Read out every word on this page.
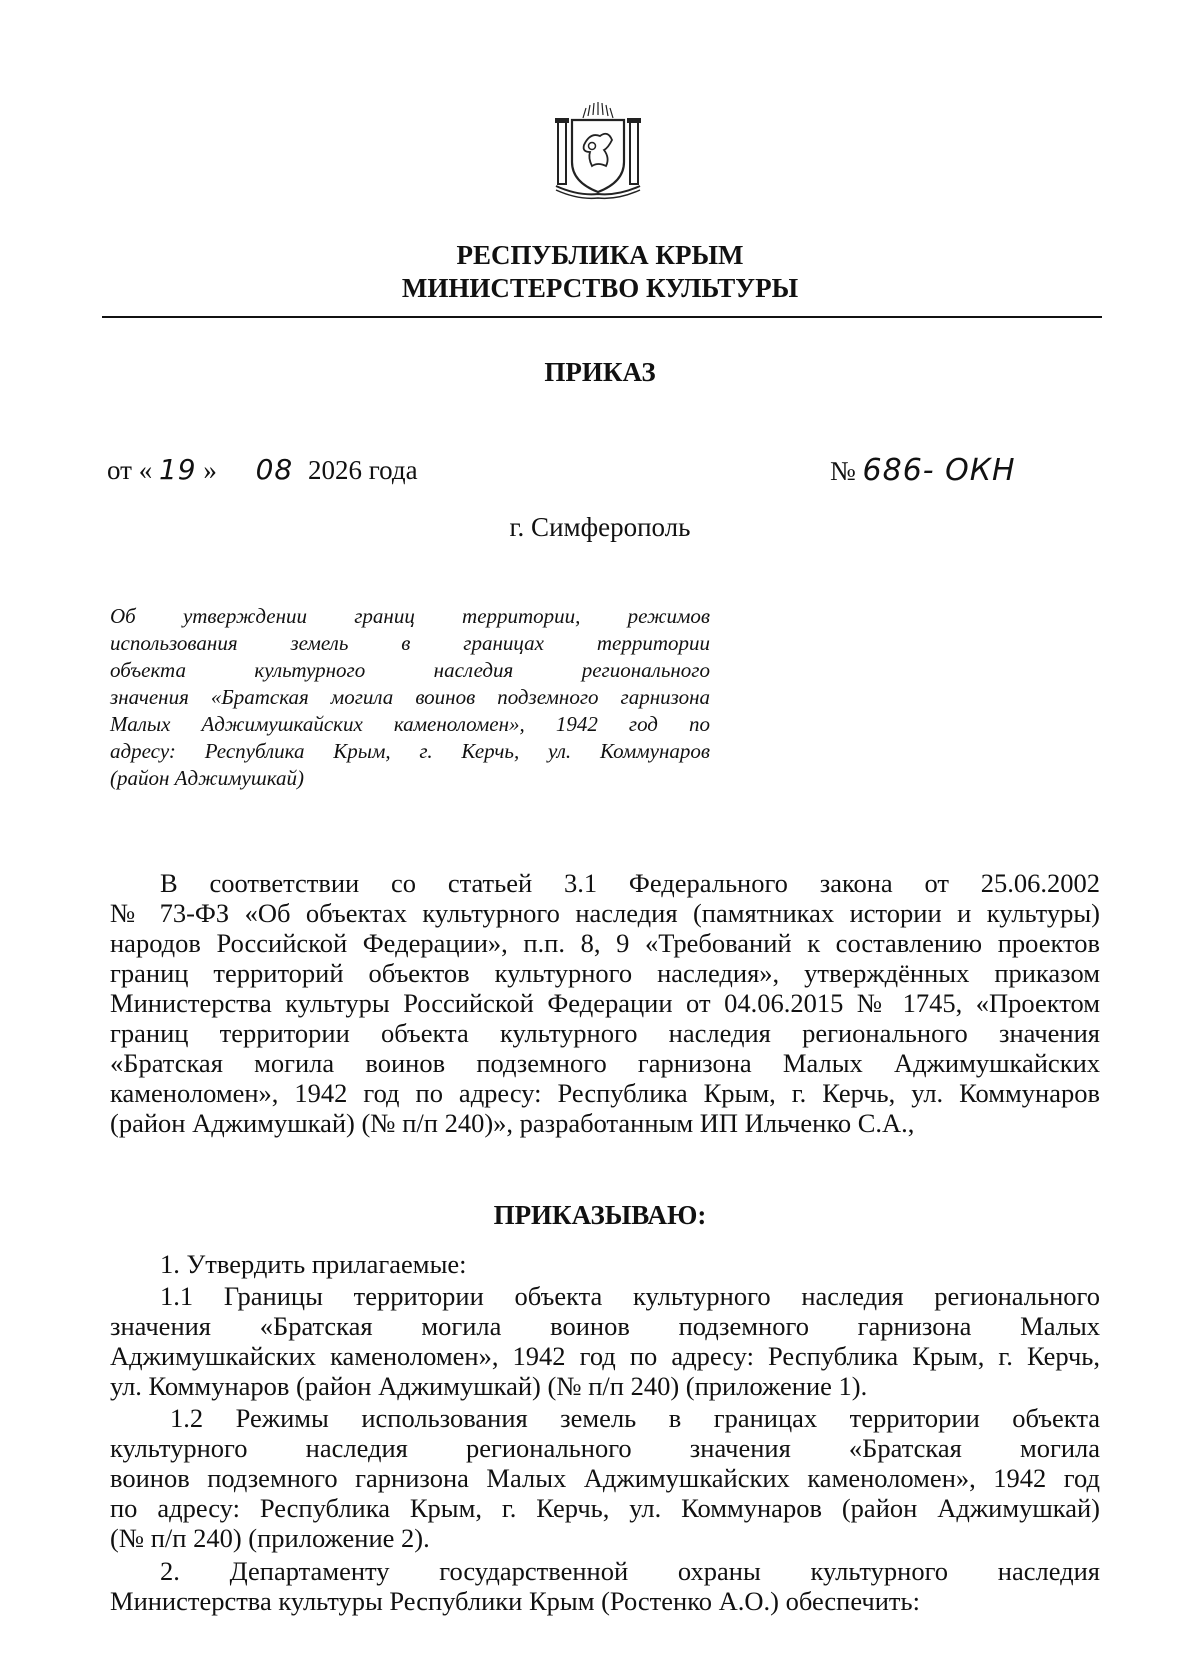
РЕСПУБЛИКА КРЫМ
МИНИСТЕРСТВО КУЛЬТУРЫ
ПРИКАЗ
от « 19 » 08 2026 года	№ 686- ОКН
г. Симферополь
Об утверждении границ территории, режимов
использования земель в границах территории
объекта культурного наследия регионального
значения «Братская могила воинов подземного гарнизона
Малых Аджимушкайских каменоломен», 1942 год по
адресу: Республика Крым, г. Керчь, ул. Коммунаров
(район Аджимушкай)
В соответствии со статьей 3.1 Федерального закона от 25.06.2002
№ 73-ФЗ «Об объектах культурного наследия (памятниках истории и культуры)
народов Российской Федерации», п.п. 8, 9 «Требований к составлению проектов
границ территорий объектов культурного наследия», утверждённых приказом
Министерства культуры Российской Федерации от 04.06.2015 № 1745, «Проектом
границ территории объекта культурного наследия регионального значения
«Братская могила воинов подземного гарнизона Малых Аджимушкайских
каменоломен», 1942 год по адресу: Республика Крым, г. Керчь, ул. Коммунаров
(район Аджимушкай) (№ п/п 240)», разработанным ИП Ильченко С.А.,
ПРИКАЗЫВАЮ:
1. Утвердить прилагаемые:
1.1 Границы территории объекта культурного наследия регионального
значения «Братская могила воинов подземного гарнизона Малых
Аджимушкайских каменоломен», 1942 год по адресу: Республика Крым, г. Керчь,
ул. Коммунаров (район Аджимушкай) (№ п/п 240) (приложение 1).
1.2 Режимы использования земель в границах территории объекта
культурного наследия регионального значения «Братская могила
воинов подземного гарнизона Малых Аджимушкайских каменоломен», 1942 год
по адресу: Республика Крым, г. Керчь, ул. Коммунаров (район Аджимушкай)
(№ п/п 240) (приложение 2).
2. Департаменту государственной охраны культурного наследия
Министерства культуры Республики Крым (Ростенко А.О.) обеспечить:
